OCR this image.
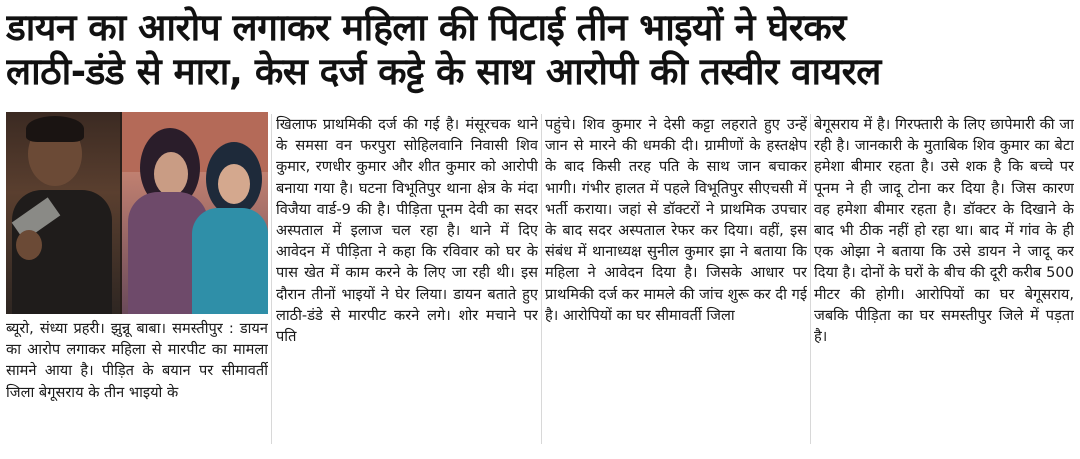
डायन का आरोप लगाकर महिला की पिटाई तीन भाइयों ने घेरकर
लाठी-डंडे से मारा, केस दर्ज कट्टे के साथ आरोपी की तस्वीर वायरल

ब्यूरो, संध्या प्रहरी। झुन्नू बाबा। समस्तीपुर : डायन का आरोप लगाकर महिला से मारपीट का मामला सामने आया है। पीड़ित के बयान पर सीमावर्ती जिला बेगूसराय के तीन भाइयो के

खिलाफ प्राथमिकी दर्ज की गई है। मंसूरचक थाने के समसा वन फरपुरा सोहिलवानि निवासी शिव कुमार, रणधीर कुमार और शीत कुमार को आरोपी बनाया गया है। घटना विभूतिपुर थाना क्षेत्र के मंदा विजैया वार्ड-9 की है। पीड़िता पूनम देवी का सदर अस्पताल में इलाज चल रहा है। थाने में दिए आवेदन में पीड़िता ने कहा कि रविवार को घर के पास खेत में काम करने के लिए जा रही थी। इस दौरान तीनों भाइयों ने घेर लिया। डायन बताते हुए लाठी-डंडे से मारपीट करने लगे। शोर मचाने पर पति

पहुंचे। शिव कुमार ने देसी कट्टा लहराते हुए उन्हें जान से मारने की धमकी दी। ग्रामीणों के हस्तक्षेप के बाद किसी तरह पति के साथ जान बचाकर भागी। गंभीर हालत में पहले विभूतिपुर सीएचसी में भर्ती कराया। जहां से डॉक्टरों ने प्राथमिक उपचार के बाद सदर अस्पताल रेफर कर दिया। वहीं, इस संबंध में थानाध्यक्ष सुनील कुमार झा ने बताया कि महिला ने आवेदन दिया है। जिसके आधार पर प्राथमिकी दर्ज कर मामले की जांच शुरू कर दी गई है। आरोपियों का घर सीमावर्ती जिला

बेगूसराय में है। गिरफ्तारी के लिए छापेमारी की जा रही है। जानकारी के मुताबिक शिव कुमार का बेटा हमेशा बीमार रहता है। उसे शक है कि बच्चे पर पूनम ने ही जादू टोना कर दिया है। जिस कारण वह हमेशा बीमार रहता है। डॉक्टर के दिखाने के बाद भी ठीक नहीं हो रहा था। बाद में गांव के ही एक ओझा ने बताया कि उसे डायन ने जादू कर दिया है। दोनों के घरों के बीच की दूरी करीब 500 मीटर की होगी। आरोपियों का घर बेगूसराय, जबकि पीड़िता का घर समस्तीपुर जिले में पड़ता है।
